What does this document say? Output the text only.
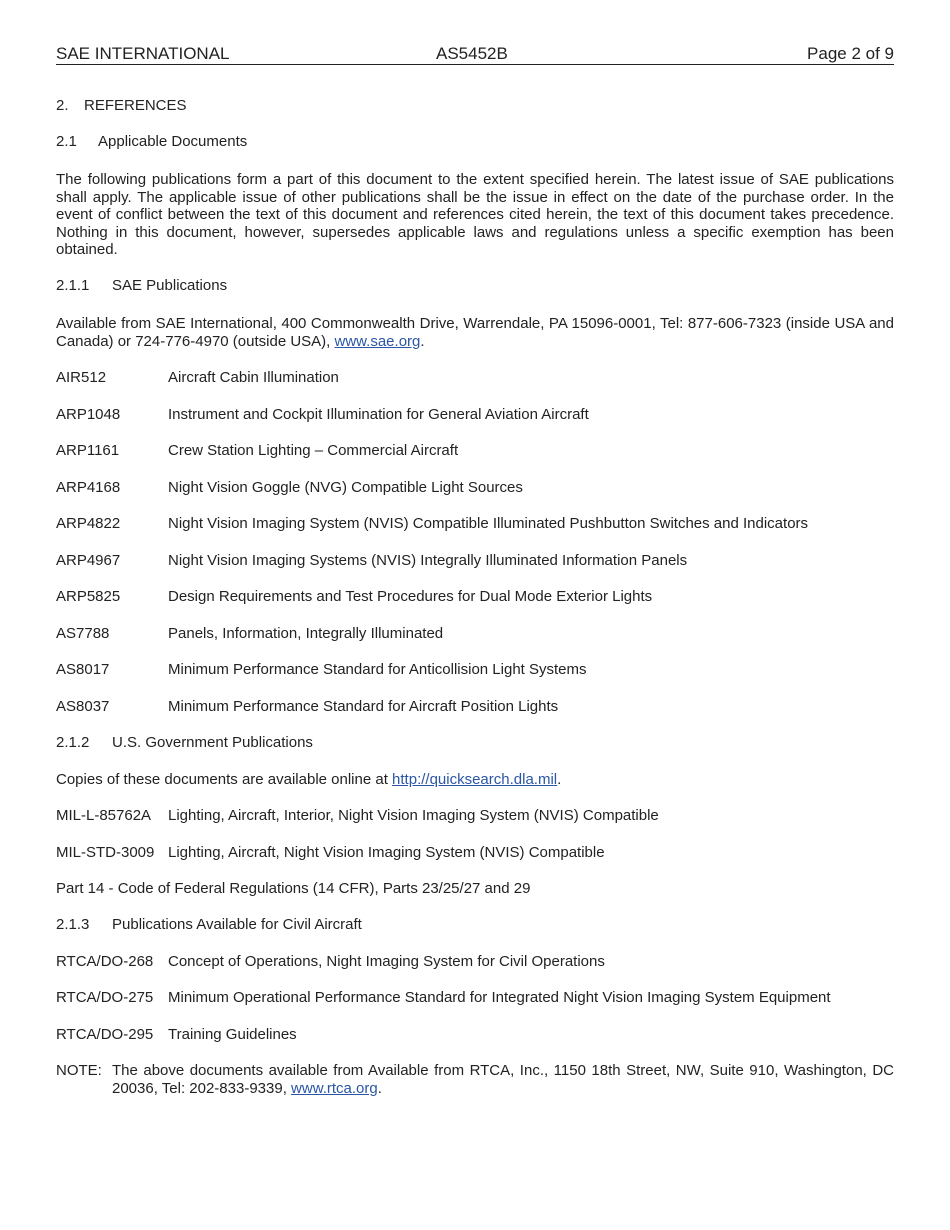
SAE INTERNATIONAL	AS5452B	Page 2 of 9
2. REFERENCES
2.1 Applicable Documents
The following publications form a part of this document to the extent specified herein. The latest issue of SAE publications shall apply. The applicable issue of other publications shall be the issue in effect on the date of the purchase order. In the event of conflict between the text of this document and references cited herein, the text of this document takes precedence. Nothing in this document, however, supersedes applicable laws and regulations unless a specific exemption has been obtained.
2.1.1 SAE Publications
Available from SAE International, 400 Commonwealth Drive, Warrendale, PA 15096-0001, Tel: 877-606-7323 (inside USA and Canada) or 724-776-4970 (outside USA), www.sae.org.
AIR512	Aircraft Cabin Illumination
ARP1048	Instrument and Cockpit Illumination for General Aviation Aircraft
ARP1161	Crew Station Lighting – Commercial Aircraft
ARP4168	Night Vision Goggle (NVG) Compatible Light Sources
ARP4822	Night Vision Imaging System (NVIS) Compatible Illuminated Pushbutton Switches and Indicators
ARP4967	Night Vision Imaging Systems (NVIS) Integrally Illuminated Information Panels
ARP5825	Design Requirements and Test Procedures for Dual Mode Exterior Lights
AS7788	Panels, Information, Integrally Illuminated
AS8017	Minimum Performance Standard for Anticollision Light Systems
AS8037	Minimum Performance Standard for Aircraft Position Lights
2.1.2 U.S. Government Publications
Copies of these documents are available online at http://quicksearch.dla.mil.
MIL-L-85762A Lighting, Aircraft, Interior, Night Vision Imaging System (NVIS) Compatible
MIL-STD-3009 Lighting, Aircraft, Night Vision Imaging System (NVIS) Compatible
Part 14 - Code of Federal Regulations (14 CFR), Parts 23/25/27 and 29
2.1.3 Publications Available for Civil Aircraft
RTCA/DO-268 Concept of Operations, Night Imaging System for Civil Operations
RTCA/DO-275 Minimum Operational Performance Standard for Integrated Night Vision Imaging System Equipment
RTCA/DO-295 Training Guidelines
NOTE: The above documents available from Available from RTCA, Inc., 1150 18th Street, NW, Suite 910, Washington, DC 20036, Tel: 202-833-9339, www.rtca.org.
